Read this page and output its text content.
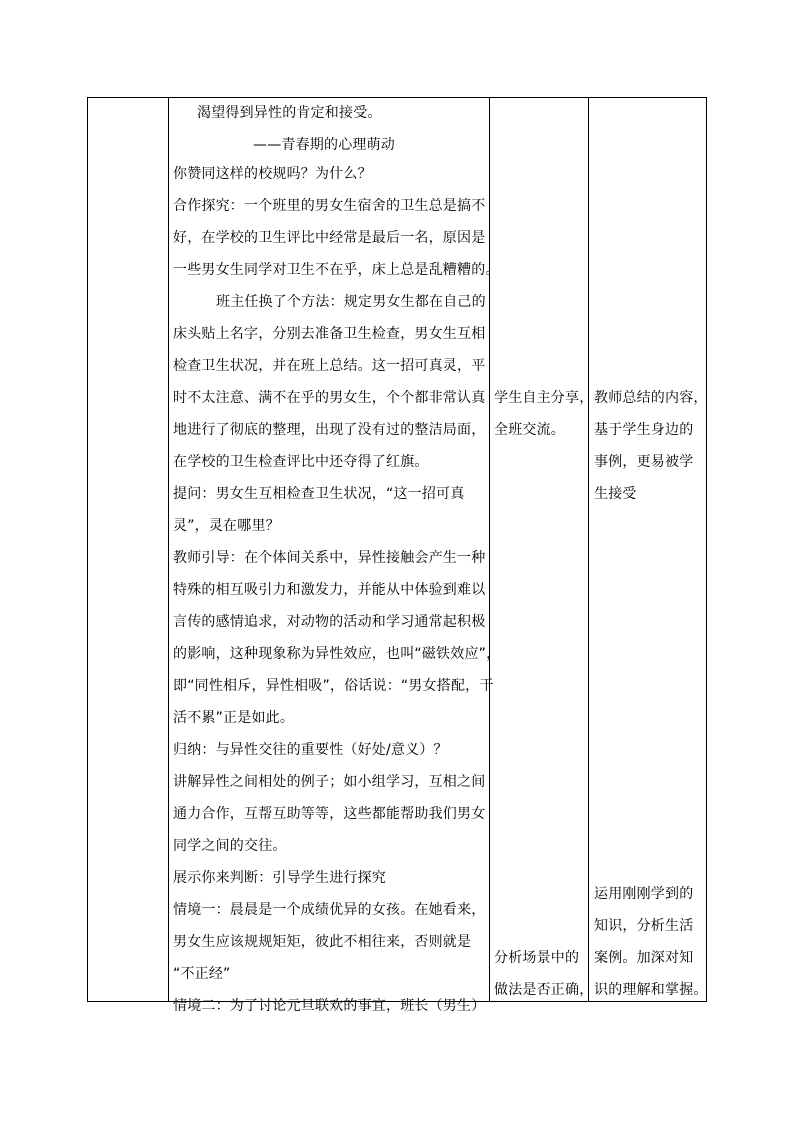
渴望得到异性的肯定和接受。
——青春期的心理萌动
你赞同这样的校规吗？为什么？
合作探究：一个班里的男女生宿舍的卫生总是搞不
好，在学校的卫生评比中经常是最后一名，原因是
一些男女生同学对卫生不在乎，床上总是乱糟糟的。
班主任换了个方法：规定男女生都在自己的
床头贴上名字，分别去准备卫生检查，男女生互相
检查卫生状况，并在班上总结。这一招可真灵，平
时不太注意、满不在乎的男女生，个个都非常认真
地进行了彻底的整理，出现了没有过的整洁局面，
在学校的卫生检查评比中还夺得了红旗。
提问：男女生互相检查卫生状况，“这一招可真
灵”，灵在哪里？
教师引导：在个体间关系中，异性接触会产生一种
特殊的相互吸引力和激发力，并能从中体验到难以
言传的感情追求，对动物的活动和学习通常起积极
的影响，这种现象称为异性效应，也叫“磁铁效应”，
即“同性相斥，异性相吸”，俗话说：“男女搭配，干
活不累”正是如此。
归纳：与异性交往的重要性（好处/意义）？
讲解异性之间相处的例子；如小组学习，互相之间
通力合作，互帮互助等等，这些都能帮助我们男女
同学之间的交往。
展示你来判断：引导学生进行探究
情境一：晨晨是一个成绩优异的女孩。在她看来，
男女生应该规规矩矩，彼此不相往来，否则就是
“不正经”
情境二：为了讨论元旦联欢的事宜，班长（男生）
学生自主分享，
全班交流。
分析场景中的
做法是否正确，
教师总结的内容，
基于学生身边的
事例，更易被学
生接受
运用刚刚学到的
知识，分析生活
案例。加深对知
识的理解和掌握。
